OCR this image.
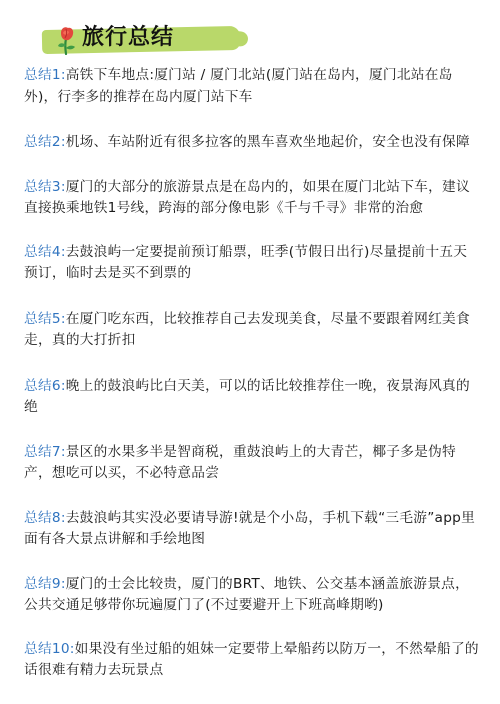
旅行总结

总结1:高铁下车地点:厦门站 / 厦门北站(厦门站在岛内，厦门北站在岛外)，行李多的推荐在岛内厦门站下车

总结2:机场、车站附近有很多拉客的黑车喜欢坐地起价，安全也没有保障

总结3:厦门的大部分的旅游景点是在岛内的，如果在厦门北站下车，建议直接换乘地铁1号线，跨海的部分像电影《千与千寻》非常的治愈

总结4:去鼓浪屿一定要提前预订船票，旺季(节假日出行)尽量提前十五天预订，临时去是买不到票的

总结5:在厦门吃东西，比较推荐自己去发现美食，尽量不要跟着网红美食走，真的大打折扣

总结6:晚上的鼓浪屿比白天美，可以的话比较推荐住一晚，夜景海风真的绝

总结7:景区的水果多半是智商税，重鼓浪屿上的大青芒，椰子多是伪特产，想吃可以买，不必特意品尝

总结8:去鼓浪屿其实没必要请导游!就是个小岛，手机下载“三毛游”app里面有各大景点讲解和手绘地图

总结9:厦门的士会比较贵，厦门的BRT、地铁、公交基本涵盖旅游景点，公共交通足够带你玩遍厦门了(不过要避开上下班高峰期哟)

总结10:如果没有坐过船的姐妹一定要带上晕船药以防万一，不然晕船了的话很难有精力去玩景点
